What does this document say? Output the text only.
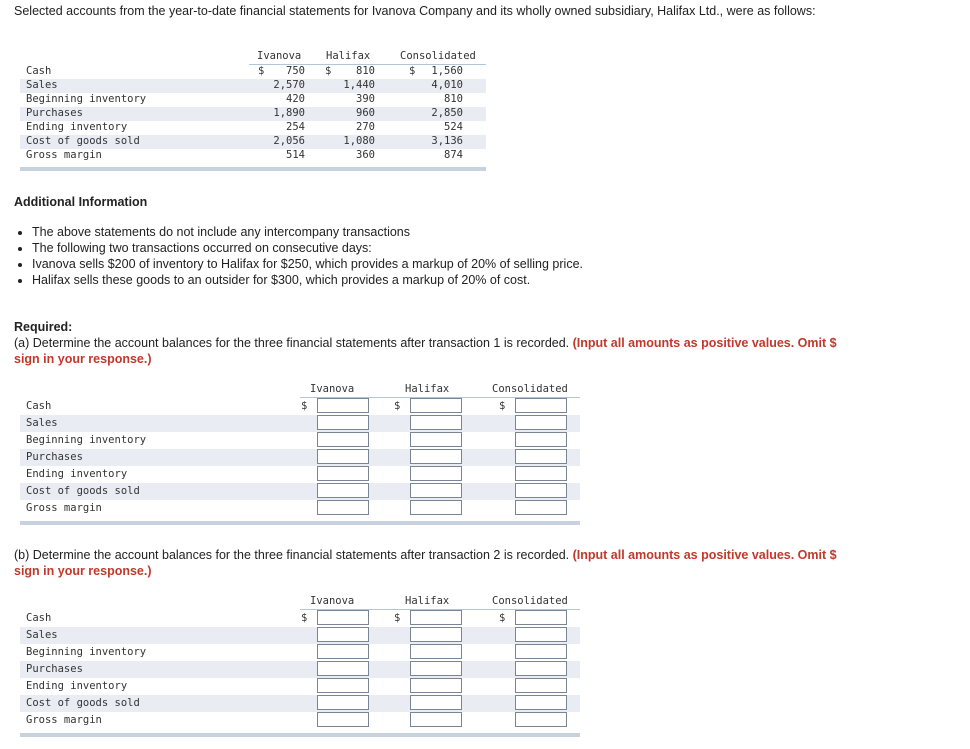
Selected accounts from the year-to-date financial statements for Ivanova Company and its wholly owned subsidiary, Halifax Ltd., were as follows:
Ivanova Halifax	Consolidated
Cash	750	810	1,560
$	$	$
Sales	2,570	1,440	4,010
Beginning inventory	420	390	810
Purchases	1,890	960	2,850
Ending inventory	254	270	524
Cost of goods sold	2,056	1,080	3,136
Gross margin	514	360	874
Additional Information
• The above statements do not include any intercompany transactions
• The following two transactions occurred on consecutive days:
• Ivanova sells $200 of inventory to Halifax for $250, which provides a markup of 20% of selling price.
• Halifax sells these goods to an outsider for $300, which provides a markup of 20% of cost.
Required:
(a) Determine the account balances for the three financial statements after transaction 1 is recorded. (Input all amounts as positive values. Omit $ sign in your response.)
Ivanova	Halifax	Consolidated
Cash	$	$	$
Sales
Beginning inventory
Purchases
Ending inventory
Cost of goods sold
Gross margin
(b) Determine the account balances for the three financial statements after transaction 2 is recorded. (Input all amounts as positive values. Omit $ sign in your response.)
Ivanova	Halifax	Consolidated
Cash	$	$	$
Sales
Beginning inventory
Purchases
Ending inventory
Cost of goods sold
Gross margin
